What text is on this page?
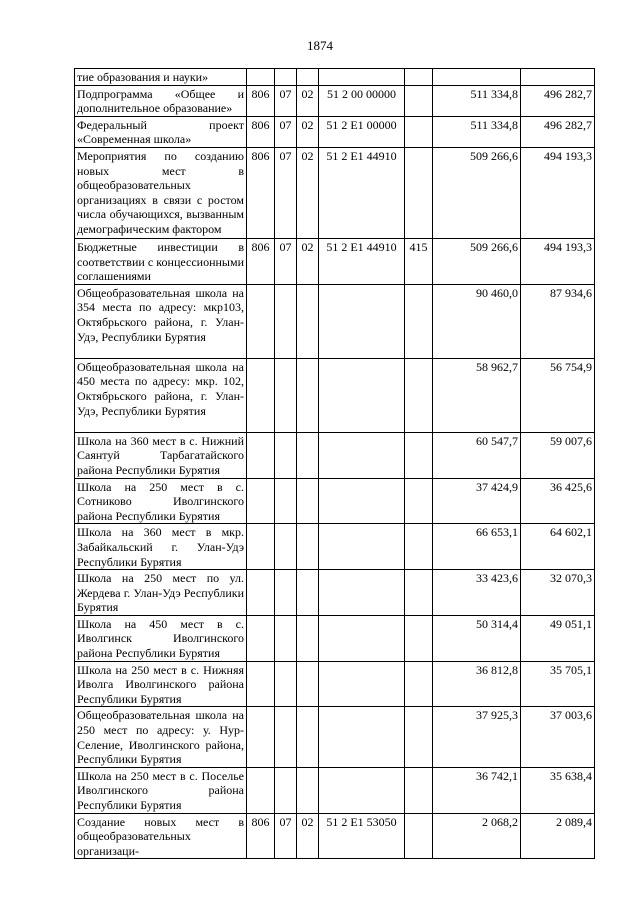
1874
тие образования и науки»							
Подпрограмма «Общее и дополнительное образование»	806	07	02	51 2 00 00000		511 334,8	496 282,7
Федеральный проект «Современная школа»	806	07	02	51 2 E1 00000		511 334,8	496 282,7
Мероприятия по созданию новых мест в общеобразовательных организациях в связи с ростом числа обучающихся, вызванным демографическим фактором	806	07	02	51 2 E1 44910		509 266,6	494 193,3
Бюджетные инвестиции в соответствии с концессионными соглашениями	806	07	02	51 2 E1 44910	415	509 266,6	494 193,3
Общеобразовательная школа на 354 места по адресу: мкр103, Октябрьского района, г. Улан-Удэ, Республики Бурятия						90 460,0	87 934,6
Общеобразовательная школа на 450 места по адресу: мкр. 102, Октябрьского района, г. Улан-Удэ, Республики Бурятия						58 962,7	56 754,9
Школа на 360 мест в с. Нижний Саянтуй Тарбагатайского района Республики Бурятия						60 547,7	59 007,6
Школа на 250 мест в с. Сотниково Иволгинского района Республики Бурятия						37 424,9	36 425,6
Школа на 360 мест в мкр. Забайкальский г. Улан-Удэ Республики Бурятия						66 653,1	64 602,1
Школа на 250 мест по ул. Жердева г. Улан-Удэ Республики Бурятия						33 423,6	32 070,3
Школа на 450 мест в с. Иволгинск Иволгинского района Республики Бурятия						50 314,4	49 051,1
Школа на 250 мест в с. Нижняя Иволга Иволгинского района Республики Бурятия						36 812,8	35 705,1
Общеобразовательная школа на 250 мест по адресу: у. Нур-Селение, Иволгинского района, Республики Бурятия						37 925,3	37 003,6
Школа на 250 мест в с. Поселье Иволгинского района Республики Бурятия						36 742,1	35 638,4
Создание новых мест в общеобразовательных организаци-	806	07	02	51 2 E1 53050		2 068,2	2 089,4
